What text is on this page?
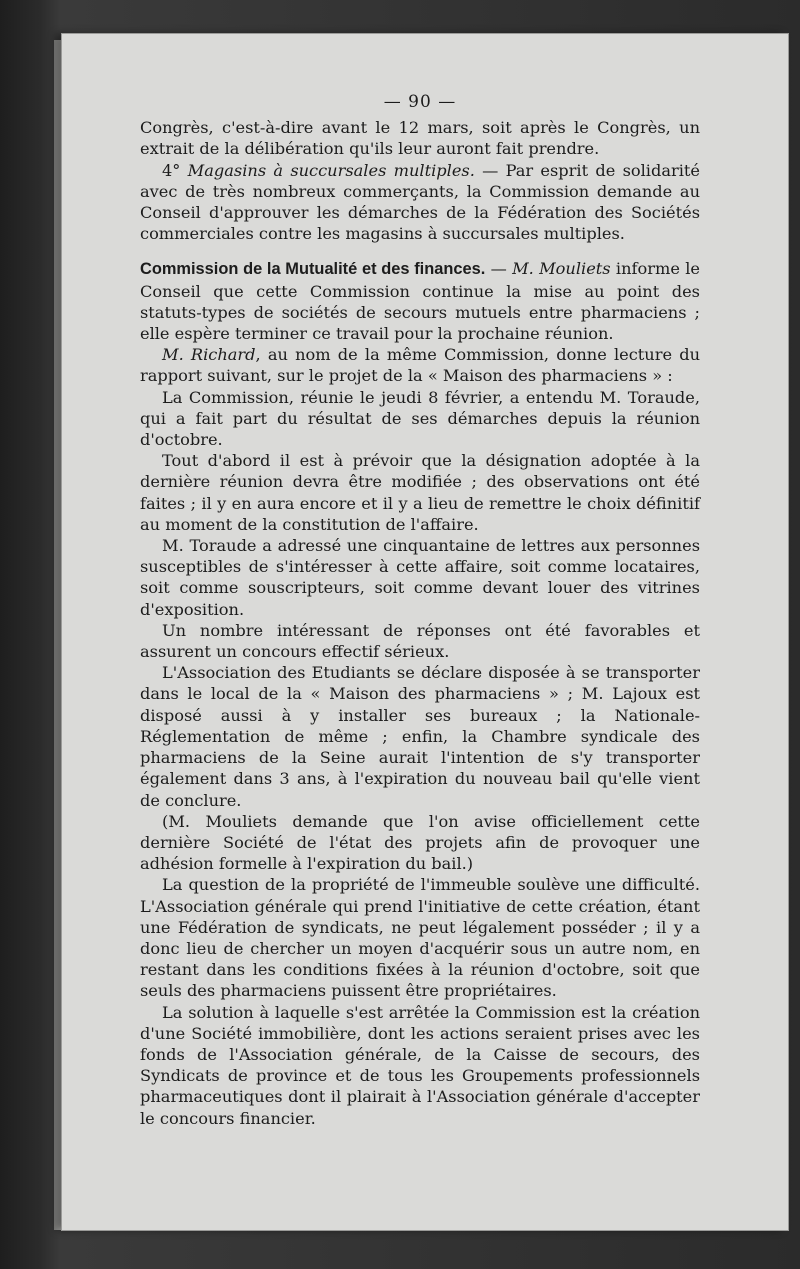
— 90 —

Congrès, c'est-à-dire avant le 12 mars, soit après le Congrès, un extrait de la délibération qu'ils leur auront fait prendre.

4° Magasins à succursales multiples. — Par esprit de solidarité avec de très nombreux commerçants, la Commission demande au Conseil d'approuver les démarches de la Fédération des Sociétés commerciales contre les magasins à succursales multiples.

Commission de la Mutualité et des finances. — M. Mouliets informe le Conseil que cette Commission continue la mise au point des statuts-types de sociétés de secours mutuels entre pharmaciens ; elle espère terminer ce travail pour la prochaine réunion.

M. Richard, au nom de la même Commission, donne lecture du rapport suivant, sur le projet de la « Maison des pharmaciens » :

La Commission, réunie le jeudi 8 février, a entendu M. Toraude, qui a fait part du résultat de ses démarches depuis la réunion d'octobre.

Tout d'abord il est à prévoir que la désignation adoptée à la dernière réunion devra être modifiée ; des observations ont été faites ; il y en aura encore et il y a lieu de remettre le choix définitif au moment de la constitution de l'affaire.

M. Toraude a adressé une cinquantaine de lettres aux personnes susceptibles de s'intéresser à cette affaire, soit comme locataires, soit comme souscripteurs, soit comme devant louer des vitrines d'exposition.

Un nombre intéressant de réponses ont été favorables et assurent un concours effectif sérieux.

L'Association des Etudiants se déclare disposée à se transporter dans le local de la « Maison des pharmaciens » ; M. Lajoux est disposé aussi à y installer ses bureaux ; la Nationale-Réglementation de même ; enfin, la Chambre syndicale des pharmaciens de la Seine aurait l'intention de s'y transporter également dans 3 ans, à l'expiration du nouveau bail qu'elle vient de conclure.

(M. Mouliets demande que l'on avise officiellement cette dernière Société de l'état des projets afin de provoquer une adhésion formelle à l'expiration du bail.)

La question de la propriété de l'immeuble soulève une difficulté. L'Association générale qui prend l'initiative de cette création, étant une Fédération de syndicats, ne peut légalement posséder ; il y a donc lieu de chercher un moyen d'acquérir sous un autre nom, en restant dans les conditions fixées à la réunion d'octobre, soit que seuls des pharmaciens puissent être propriétaires.

La solution à laquelle s'est arrêtée la Commission est la création d'une Société immobilière, dont les actions seraient prises avec les fonds de l'Association générale, de la Caisse de secours, des Syndicats de province et de tous les Groupements professionnels pharmaceutiques dont il plairait à l'Association générale d'accepter le concours financier.
